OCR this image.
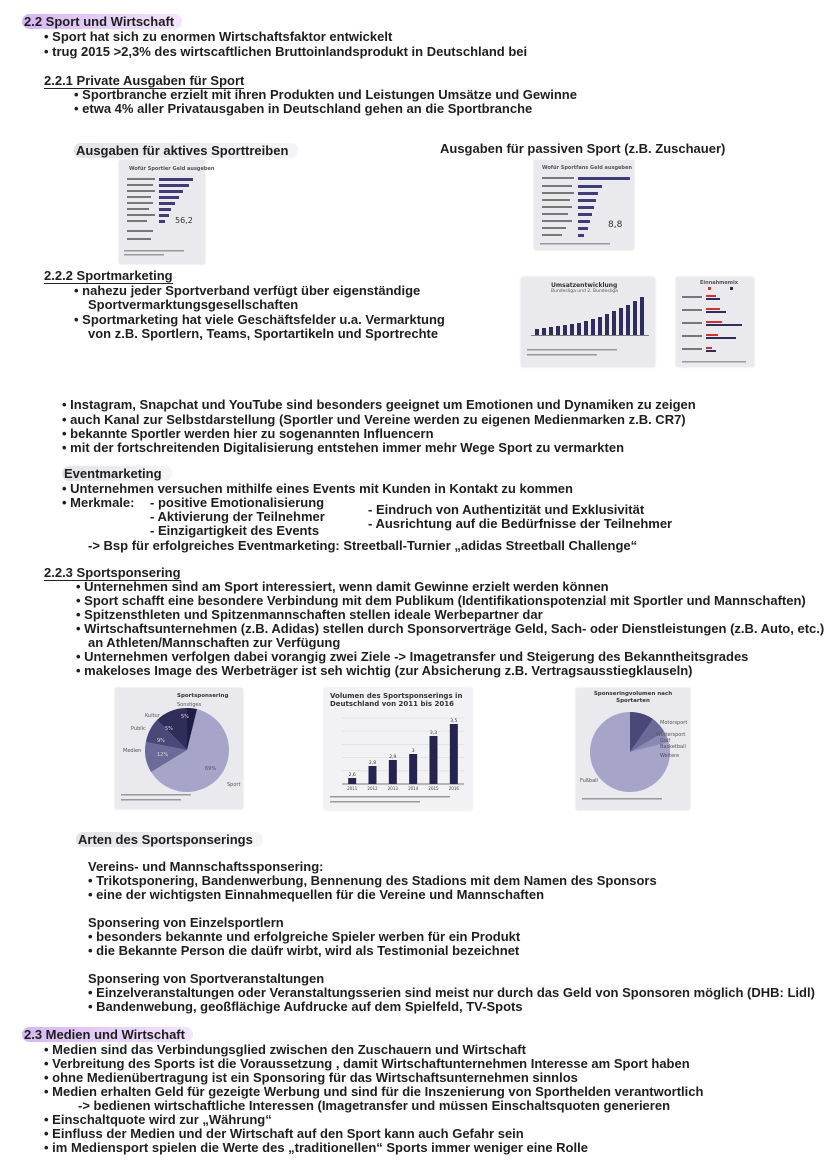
2.2 Sport und Wirtschaft
• Sport hat sich zu enormen Wirtschaftsfaktor entwickelt
• trug 2015 >2,3% des wirtscaftlichen Bruttoinlandsprodukt in Deutschland bei
2.2.1 Private Ausgaben für Sport
• Sportbranche erzielt mit ihren Produkten und Leistungen Umsätze und Gewinne
• etwa 4% aller Privatausgaben in Deutschland gehen an die Sportbranche
Ausgaben für aktives Sporttreiben	Ausgaben für passiven Sport (z.B. Zuschauer)
Wofür Sportler Geld ausgeben
56,2
Wofür Sportfans Geld ausgeben
8,8
2.2.2 Sportmarketing
• nahezu jeder Sportverband verfügt über eigenständige
Sportvermarktungsgesellschaften
• Sportmarketing hat viele Geschäftsfelder u.a. Vermarktung
von z.B. Sportlern, Teams, Sportartikeln und Sportrechte
Umsatzentwicklung
Bundesliga und 2. Bundesliga
Einnahmemix
• Instagram, Snapchat und YouTube sind besonders geeignet um Emotionen und Dynamiken zu zeigen
• auch Kanal zur Selbstdarstellung (Sportler und Vereine werden zu eigenen Medienmarken z.B. CR7)
• bekannte Sportler werden hier zu sogenannten Influencern
• mit der fortschreitenden Digitalisierung entstehen immer mehr Wege Sport zu vermarkten
Eventmarketing
• Unternehmen versuchen mithilfe eines Events mit Kunden in Kontakt zu kommen
• Merkmale: - positive Emotionalisierung
- Aktivierung der Teilnehmer
- Einzigartigkeit des Events
- Eindruch von Authentizität und Exklusivität
- Ausrichtung auf die Bedürfnisse der Teilnehmer
-> Bsp für erfolgreiches Eventmarketing: Streetball-Turnier „adidas Streetball Challenge“
2.2.3 Sportsponsering
• Unternehmen sind am Sport interessiert, wenn damit Gewinne erzielt werden können
• Sport schafft eine besondere Verbindung mit dem Publikum (Identifikationspotenzial mit Sportler und Mannschaften)
• Spitzensthleten und Spitzenmannschaften stellen ideale Werbepartner dar
• Wirtschaftsunternehmen (z.B. Adidas) stellen durch Sponsorverträge Geld, Sach- oder Dienstleistungen (z.B. Auto, etc.)
an Athleten/Mannschaften zur Verfügung
• Unternehmen verfolgen dabei vorangig zwei Ziele -> Imagetransfer und Steigerung des Bekanntheitsgrades
• makeloses Image des Werbeträger ist seh wichtig (zur Absicherung z.B. Vertragsausstiegklauseln)
Sportsponsering
Sonstiges
Kultur
Public
Medien
Sport
5%
5%
9%
12%
69%
Volumen des Sportsponserings in Deutschland von 2011 bis 2016
2,6
2011
2,8
2012
2,9
2013
3
2014
3,3
2015
3,5
2016
Sponseringvolumen nach Sportarten
Motorsport
Wintersport
Golf
Basketball
Weitere
Fußball
Arten des Sportsponserings
Vereins- und Mannschaftssponsering:
• Trikotsponering, Bandenwerbung, Bennenung des Stadions mit dem Namen des Sponsors
• eine der wichtigsten Einnahmequellen für die Vereine und Mannschaften
Sponsering von Einzelsportlern
• besonders bekannte und erfolgreiche Spieler werben für ein Produkt
• die Bekannte Person die daüfr wirbt, wird als Testimonial bezeichnet
Sponsering von Sportveranstaltungen
• Einzelveranstaltungen oder Veranstaltungsserien sind meist nur durch das Geld von Sponsoren möglich (DHB: Lidl)
• Bandenwebung, geoßflächige Aufdrucke auf dem Spielfeld, TV-Spots
2.3 Medien und Wirtschaft
• Medien sind das Verbindungsglied zwischen den Zuschauern und Wirtschaft
• Verbreitung des Sports ist die Voraussetzung , damit Wirtschaftunternehmen Interesse am Sport haben
• ohne Medienübertragung ist ein Sponsoring für das Wirtschaftsunternehmen sinnlos
• Medien erhalten Geld für gezeigte Werbung und sind für die Inszenierung von Sporthelden verantwortlich
-> bedienen wirtschaftliche Interessen (Imagetransfer und müssen Einschaltsquoten generieren
• Einschaltquote wird zur „Währung“
• Einfluss der Medien und der Wirtschaft auf den Sport kann auch Gefahr sein
• im Mediensport spielen die Werte des „traditionellen“ Sports immer weniger eine Rolle
